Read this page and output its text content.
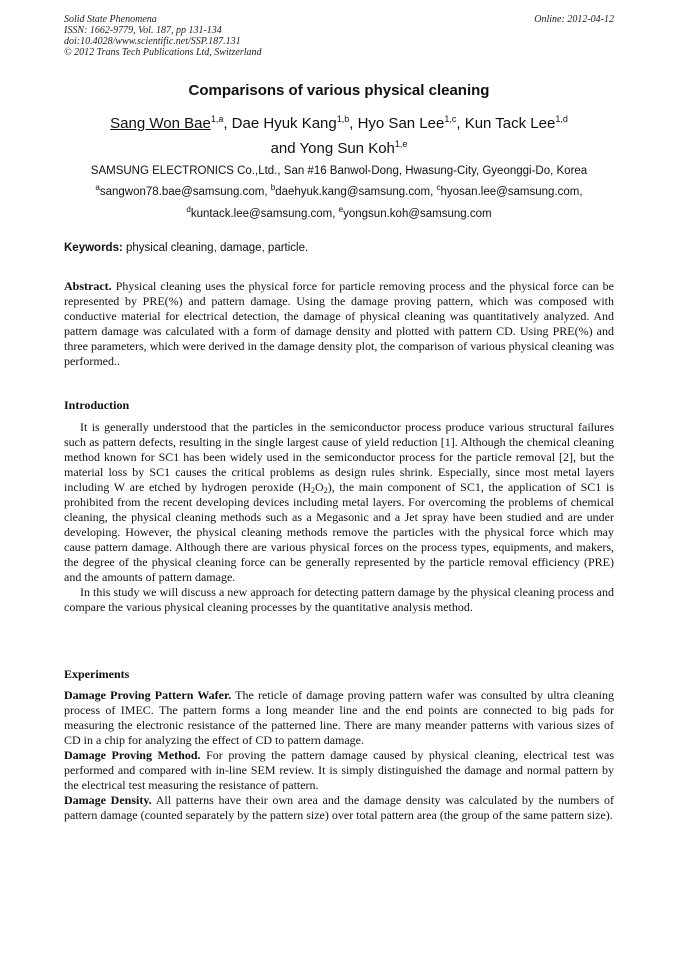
Solid State Phenomena
ISSN: 1662-9779, Vol. 187, pp 131-134
doi:10.4028/www.scientific.net/SSP.187.131
© 2012 Trans Tech Publications Ltd, Switzerland
Online: 2012-04-12
Comparisons of various physical cleaning
Sang Won Bae$^{1,a}$, Dae Hyuk Kang$^{1,b}$, Hyo San Lee$^{1,c}$, Kun Tack Lee$^{1,d}$
and Yong Sun Koh$^{1,e}$
SAMSUNG ELECTRONICS Co.,Ltd., San #16 Banwol-Dong, Hwasung-City, Gyeonggi-Do, Korea
$^a$sangwon78.bae@samsung.com, $^b$daehyuk.kang@samsung.com, $^c$hyosan.lee@samsung.com,
$^d$kuntack.lee@samsung.com, $^e$yongsun.koh@samsung.com
Keywords: physical cleaning, damage, particle.
Abstract. Physical cleaning uses the physical force for particle removing process and the physical force can be represented by PRE(%) and pattern damage. Using the damage proving pattern, which was composed with conductive material for electrical detection, the damage of physical cleaning was quantitatively analyzed. And pattern damage was calculated with a form of damage density and plotted with pattern CD. Using PRE(%) and three parameters, which were derived in the damage density plot, the comparison of various physical cleaning was performed..
Introduction

It is generally understood that the particles in the semiconductor process produce various structural failures such as pattern defects, resulting in the single largest cause of yield reduction [1]. Although the chemical cleaning method known for SC1 has been widely used in the semiconductor process for the particle removal [2], but the material loss by SC1 causes the critical problems as design rules shrink. Especially, since most metal layers including W are etched by hydrogen peroxide $(H_2O_2)$, the main component of SC1, the application of SC1 is prohibited from the recent developing devices including metal layers. For overcoming the problems of chemical cleaning, the physical cleaning methods such as a Megasonic and a Jet spray have been studied and are under developing. However, the physical cleaning methods remove the particles with the physical force which may cause pattern damage. Although there are various physical forces on the process types, equipments, and makers, the degree of the physical cleaning force can be generally represented by the particle removal efficiency (PRE) and the amounts of pattern damage.

In this study we will discuss a new approach for detecting pattern damage by the physical cleaning process and compare the various physical cleaning processes by the quantitative analysis method.

Experiments

Damage Proving Pattern Wafer. The reticle of damage proving pattern wafer was consulted by ultra cleaning process of IMEC. The pattern forms a long meander line and the end points are connected to big pads for measuring the electronic resistance of the patterned line. There are many meander patterns with various sizes of CD in a chip for analyzing the effect of CD to pattern damage.

Damage Proving Method. For proving the pattern damage caused by physical cleaning, electrical test was performed and compared with in-line SEM review. It is simply distinguished the damage and normal pattern by the electrical test measuring the resistance of pattern.

Damage Density. All patterns have their own area and the damage density was calculated by the numbers of pattern damage (counted separately by the pattern size) over total pattern area (the group of the same pattern size).
